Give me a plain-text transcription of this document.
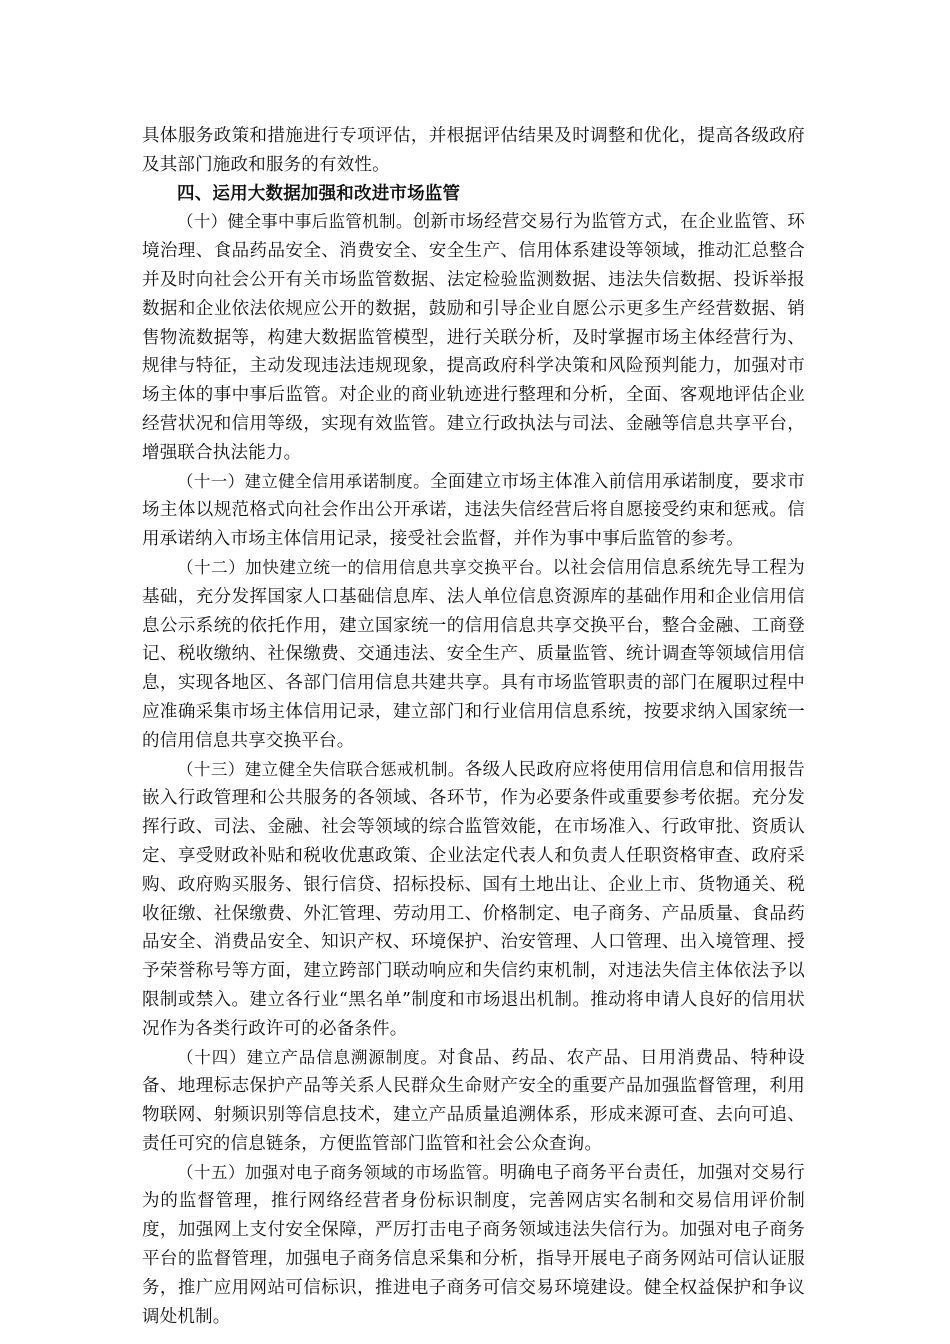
具体服务政策和措施进行专项评估，并根据评估结果及时调整和优化，提高各级政府及其部门施政和服务的有效性。

四、运用大数据加强和改进市场监管

（十）健全事中事后监管机制。创新市场经营交易行为监管方式，在企业监管、环境治理、食品药品安全、消费安全、安全生产、信用体系建设等领域，推动汇总整合并及时向社会公开有关市场监管数据、法定检验监测数据、违法失信数据、投诉举报数据和企业依法依规应公开的数据，鼓励和引导企业自愿公示更多生产经营数据、销售物流数据等，构建大数据监管模型，进行关联分析，及时掌握市场主体经营行为、规律与特征，主动发现违法违规现象，提高政府科学决策和风险预判能力，加强对市场主体的事中事后监管。对企业的商业轨迹进行整理和分析，全面、客观地评估企业经营状况和信用等级，实现有效监管。建立行政执法与司法、金融等信息共享平台，增强联合执法能力。

（十一）建立健全信用承诺制度。全面建立市场主体准入前信用承诺制度，要求市场主体以规范格式向社会作出公开承诺，违法失信经营后将自愿接受约束和惩戒。信用承诺纳入市场主体信用记录，接受社会监督，并作为事中事后监管的参考。

（十二）加快建立统一的信用信息共享交换平台。以社会信用信息系统先导工程为基础，充分发挥国家人口基础信息库、法人单位信息资源库的基础作用和企业信用信息公示系统的依托作用，建立国家统一的信用信息共享交换平台，整合金融、工商登记、税收缴纳、社保缴费、交通违法、安全生产、质量监管、统计调查等领域信用信息，实现各地区、各部门信用信息共建共享。具有市场监管职责的部门在履职过程中应准确采集市场主体信用记录，建立部门和行业信用信息系统，按要求纳入国家统一的信用信息共享交换平台。

（十三）建立健全失信联合惩戒机制。各级人民政府应将使用信用信息和信用报告嵌入行政管理和公共服务的各领域、各环节，作为必要条件或重要参考依据。充分发挥行政、司法、金融、社会等领域的综合监管效能，在市场准入、行政审批、资质认定、享受财政补贴和税收优惠政策、企业法定代表人和负责人任职资格审查、政府采购、政府购买服务、银行信贷、招标投标、国有土地出让、企业上市、货物通关、税收征缴、社保缴费、外汇管理、劳动用工、价格制定、电子商务、产品质量、食品药品安全、消费品安全、知识产权、环境保护、治安管理、人口管理、出入境管理、授予荣誉称号等方面，建立跨部门联动响应和失信约束机制，对违法失信主体依法予以限制或禁入。建立各行业“黑名单”制度和市场退出机制。推动将申请人良好的信用状况作为各类行政许可的必备条件。

（十四）建立产品信息溯源制度。对食品、药品、农产品、日用消费品、特种设备、地理标志保护产品等关系人民群众生命财产安全的重要产品加强监督管理，利用物联网、射频识别等信息技术，建立产品质量追溯体系，形成来源可查、去向可追、责任可究的信息链条，方便监管部门监管和社会公众查询。

（十五）加强对电子商务领域的市场监管。明确电子商务平台责任，加强对交易行为的监督管理，推行网络经营者身份标识制度，完善网店实名制和交易信用评价制度，加强网上支付安全保障，严厉打击电子商务领域违法失信行为。加强对电子商务平台的监督管理，加强电子商务信息采集和分析，指导开展电子商务网站可信认证服务，推广应用网站可信标识，推进电子商务可信交易环境建设。健全权益保护和争议调处机制。
